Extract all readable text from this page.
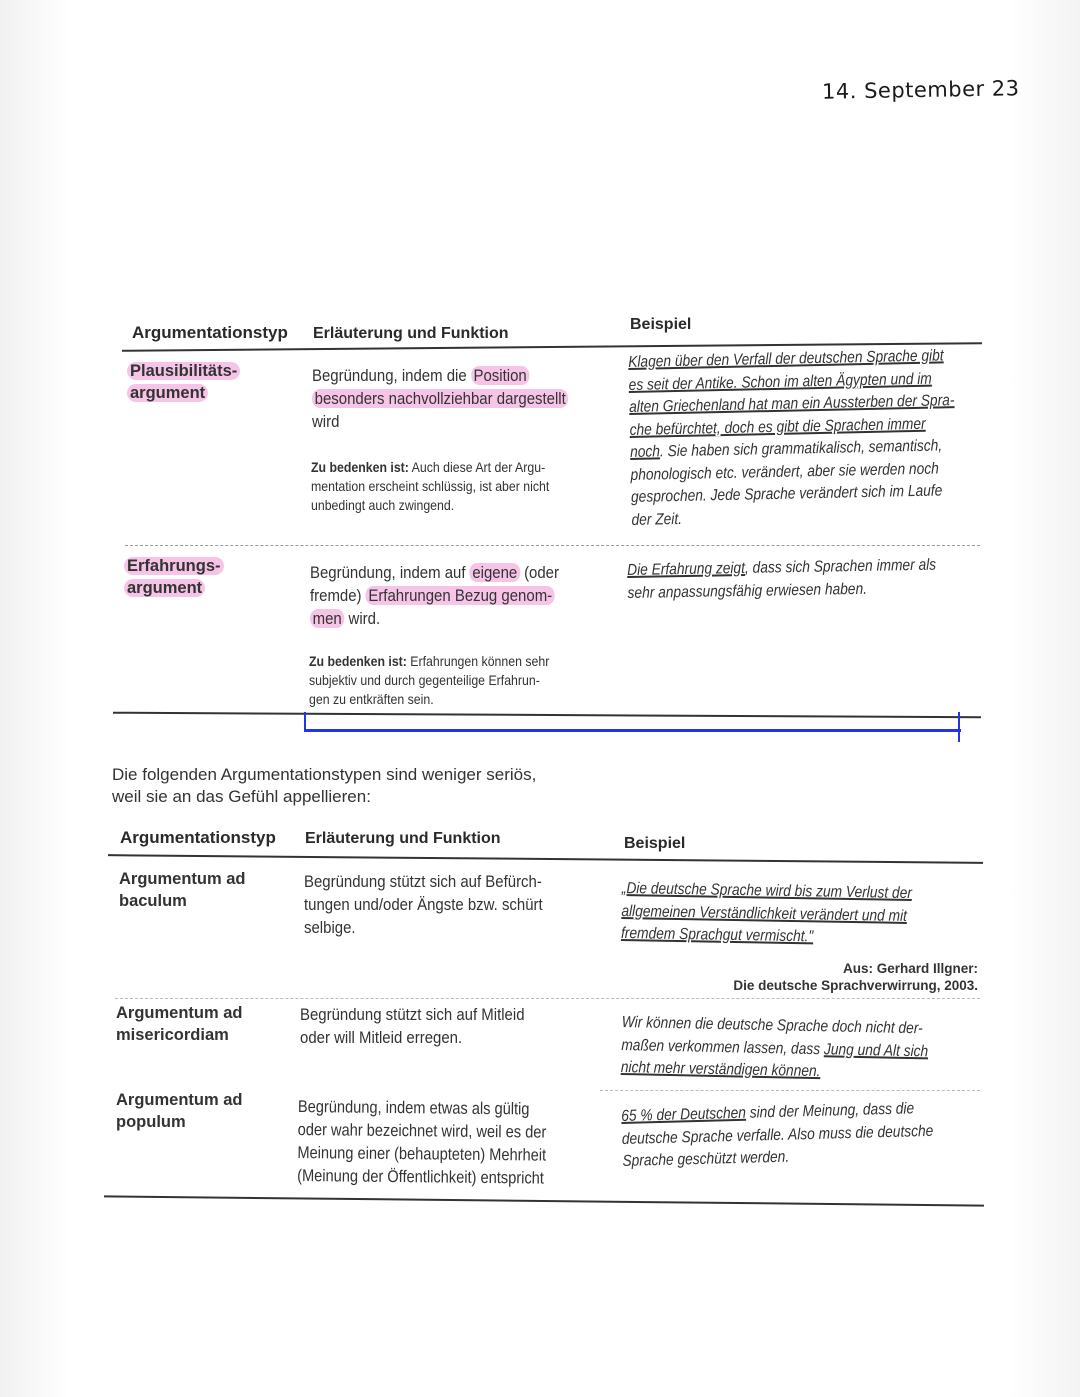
14. September 23
Argumentationstyp Erläuterung und Funktion
Beispiel
Plausibilitäts-
argument
Begründung, indem die Position
besonders nachvollziehbar dargestellt
wird
Zu bedenken ist: Auch diese Art der Argu-
mentation erscheint schlüssig, ist aber nicht
unbedingt auch zwingend.
Klagen über den Verfall der deutschen Sprache gibt
es seit der Antike. Schon im alten Ägypten und im
alten Griechenland hat man ein Aussterben der Spra-
che befürchtet, doch es gibt die Sprachen immer
noch. Sie haben sich grammatikalisch, semantisch,
phonologisch etc. verändert, aber sie werden noch
gesprochen. Jede Sprache verändert sich im Laufe
der Zeit.
Erfahrungs-
argument
Begründung, indem auf eigene (oder
fremde) Erfahrungen Bezug genom-
men wird.
Zu bedenken ist: Erfahrungen können sehr
subjektiv und durch gegenteilige Erfahrun-
gen zu entkräften sein.
Die Erfahrung zeigt, dass sich Sprachen immer als
sehr anpassungsfähig erwiesen haben.
Die folgenden Argumentationstypen sind weniger seriös,
weil sie an das Gefühl appellieren:
Argumentationstyp Erläuterung und Funktion	Beispiel
Argumentum ad
baculum
Begründung stützt sich auf Befürch-
tungen und/oder Ängste bzw. schürt
selbige.
„Die deutsche Sprache wird bis zum Verlust der
allgemeinen Verständlichkeit verändert und mit
fremdem Sprachgut vermischt."
Aus: Gerhard Illgner:
Die deutsche Sprachverwirrung, 2003.
Argumentum ad
misericordiam
Begründung stützt sich auf Mitleid
oder will Mitleid erregen.
Wir können die deutsche Sprache doch nicht der-
maßen verkommen lassen, dass Jung und Alt sich
nicht mehr verständigen können.
Argumentum ad
populum
Begründung, indem etwas als gültig
oder wahr bezeichnet wird, weil es der
Meinung einer (behaupteten) Mehrheit
(Meinung der Öffentlichkeit) entspricht
65 % der Deutschen sind der Meinung, dass die
deutsche Sprache verfalle. Also muss die deutsche
Sprache geschützt werden.
